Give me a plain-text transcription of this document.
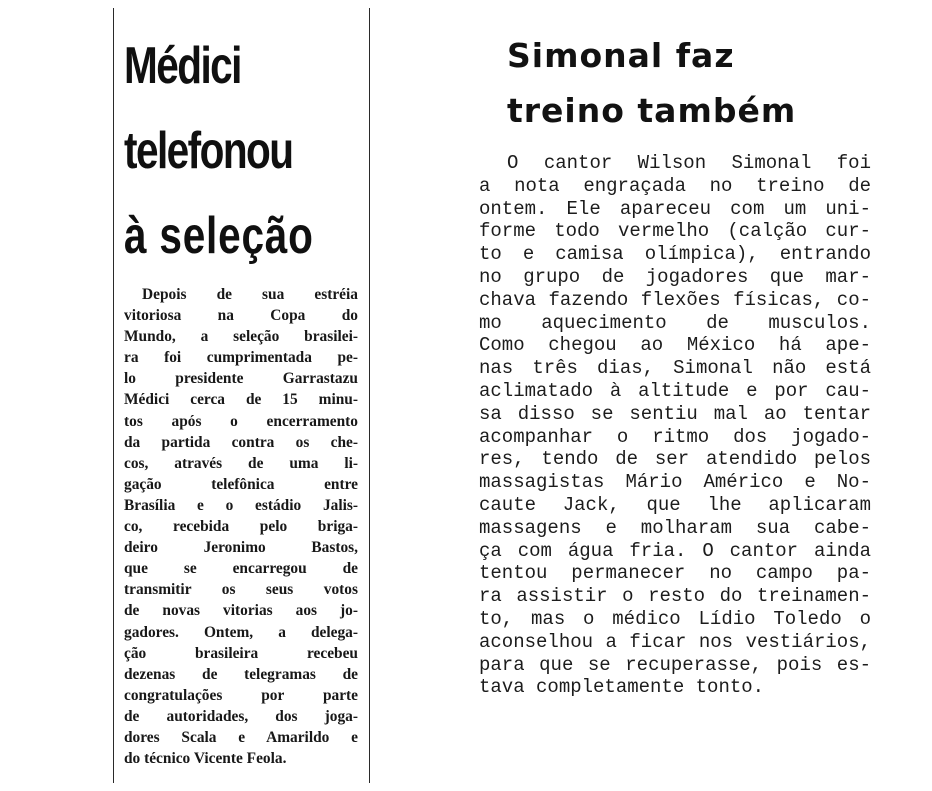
Médici
telefonou
à seleção

Depois de sua estréia
vitoriosa na Copa do
Mundo, a seleção brasilei-
ra foi cumprimentada pe-
lo presidente Garrastazu
Médici cerca de 15 minu-
tos após o encerramento
da partida contra os che-
cos, através de uma li-
gação telefônica entre
Brasília e o estádio Jalis-
co, recebida pelo briga-
deiro Jeronimo Bastos,
que se encarregou de
transmitir os seus votos
de novas vitorias aos jo-
gadores. Ontem, a delega-
ção brasileira recebeu
dezenas de telegramas de
congratulações por parte
de autoridades, dos joga-
dores Scala e Amarildo e
do técnico Vicente Feola.

Simonal faz
treino também

O cantor Wilson Simonal foi
a nota engraçada no treino de
ontem. Ele apareceu com um uni-
forme todo vermelho (calção cur-
to e camisa olímpica), entrando
no grupo de jogadores que mar-
chava fazendo flexões físicas, co-
mo aquecimento de musculos.
Como chegou ao México há ape-
nas três dias, Simonal não está
aclimatado à altitude e por cau-
sa disso se sentiu mal ao tentar
acompanhar o ritmo dos jogado-
res, tendo de ser atendido pelos
massagistas Mário Américo e No-
caute Jack, que lhe aplicaram
massagens e molharam sua cabe-
ça com água fria. O cantor ainda
tentou permanecer no campo pa-
ra assistir o resto do treinamen-
to, mas o médico Lídio Toledo o
aconselhou a ficar nos vestiários,
para que se recuperasse, pois es-
tava completamente tonto.
